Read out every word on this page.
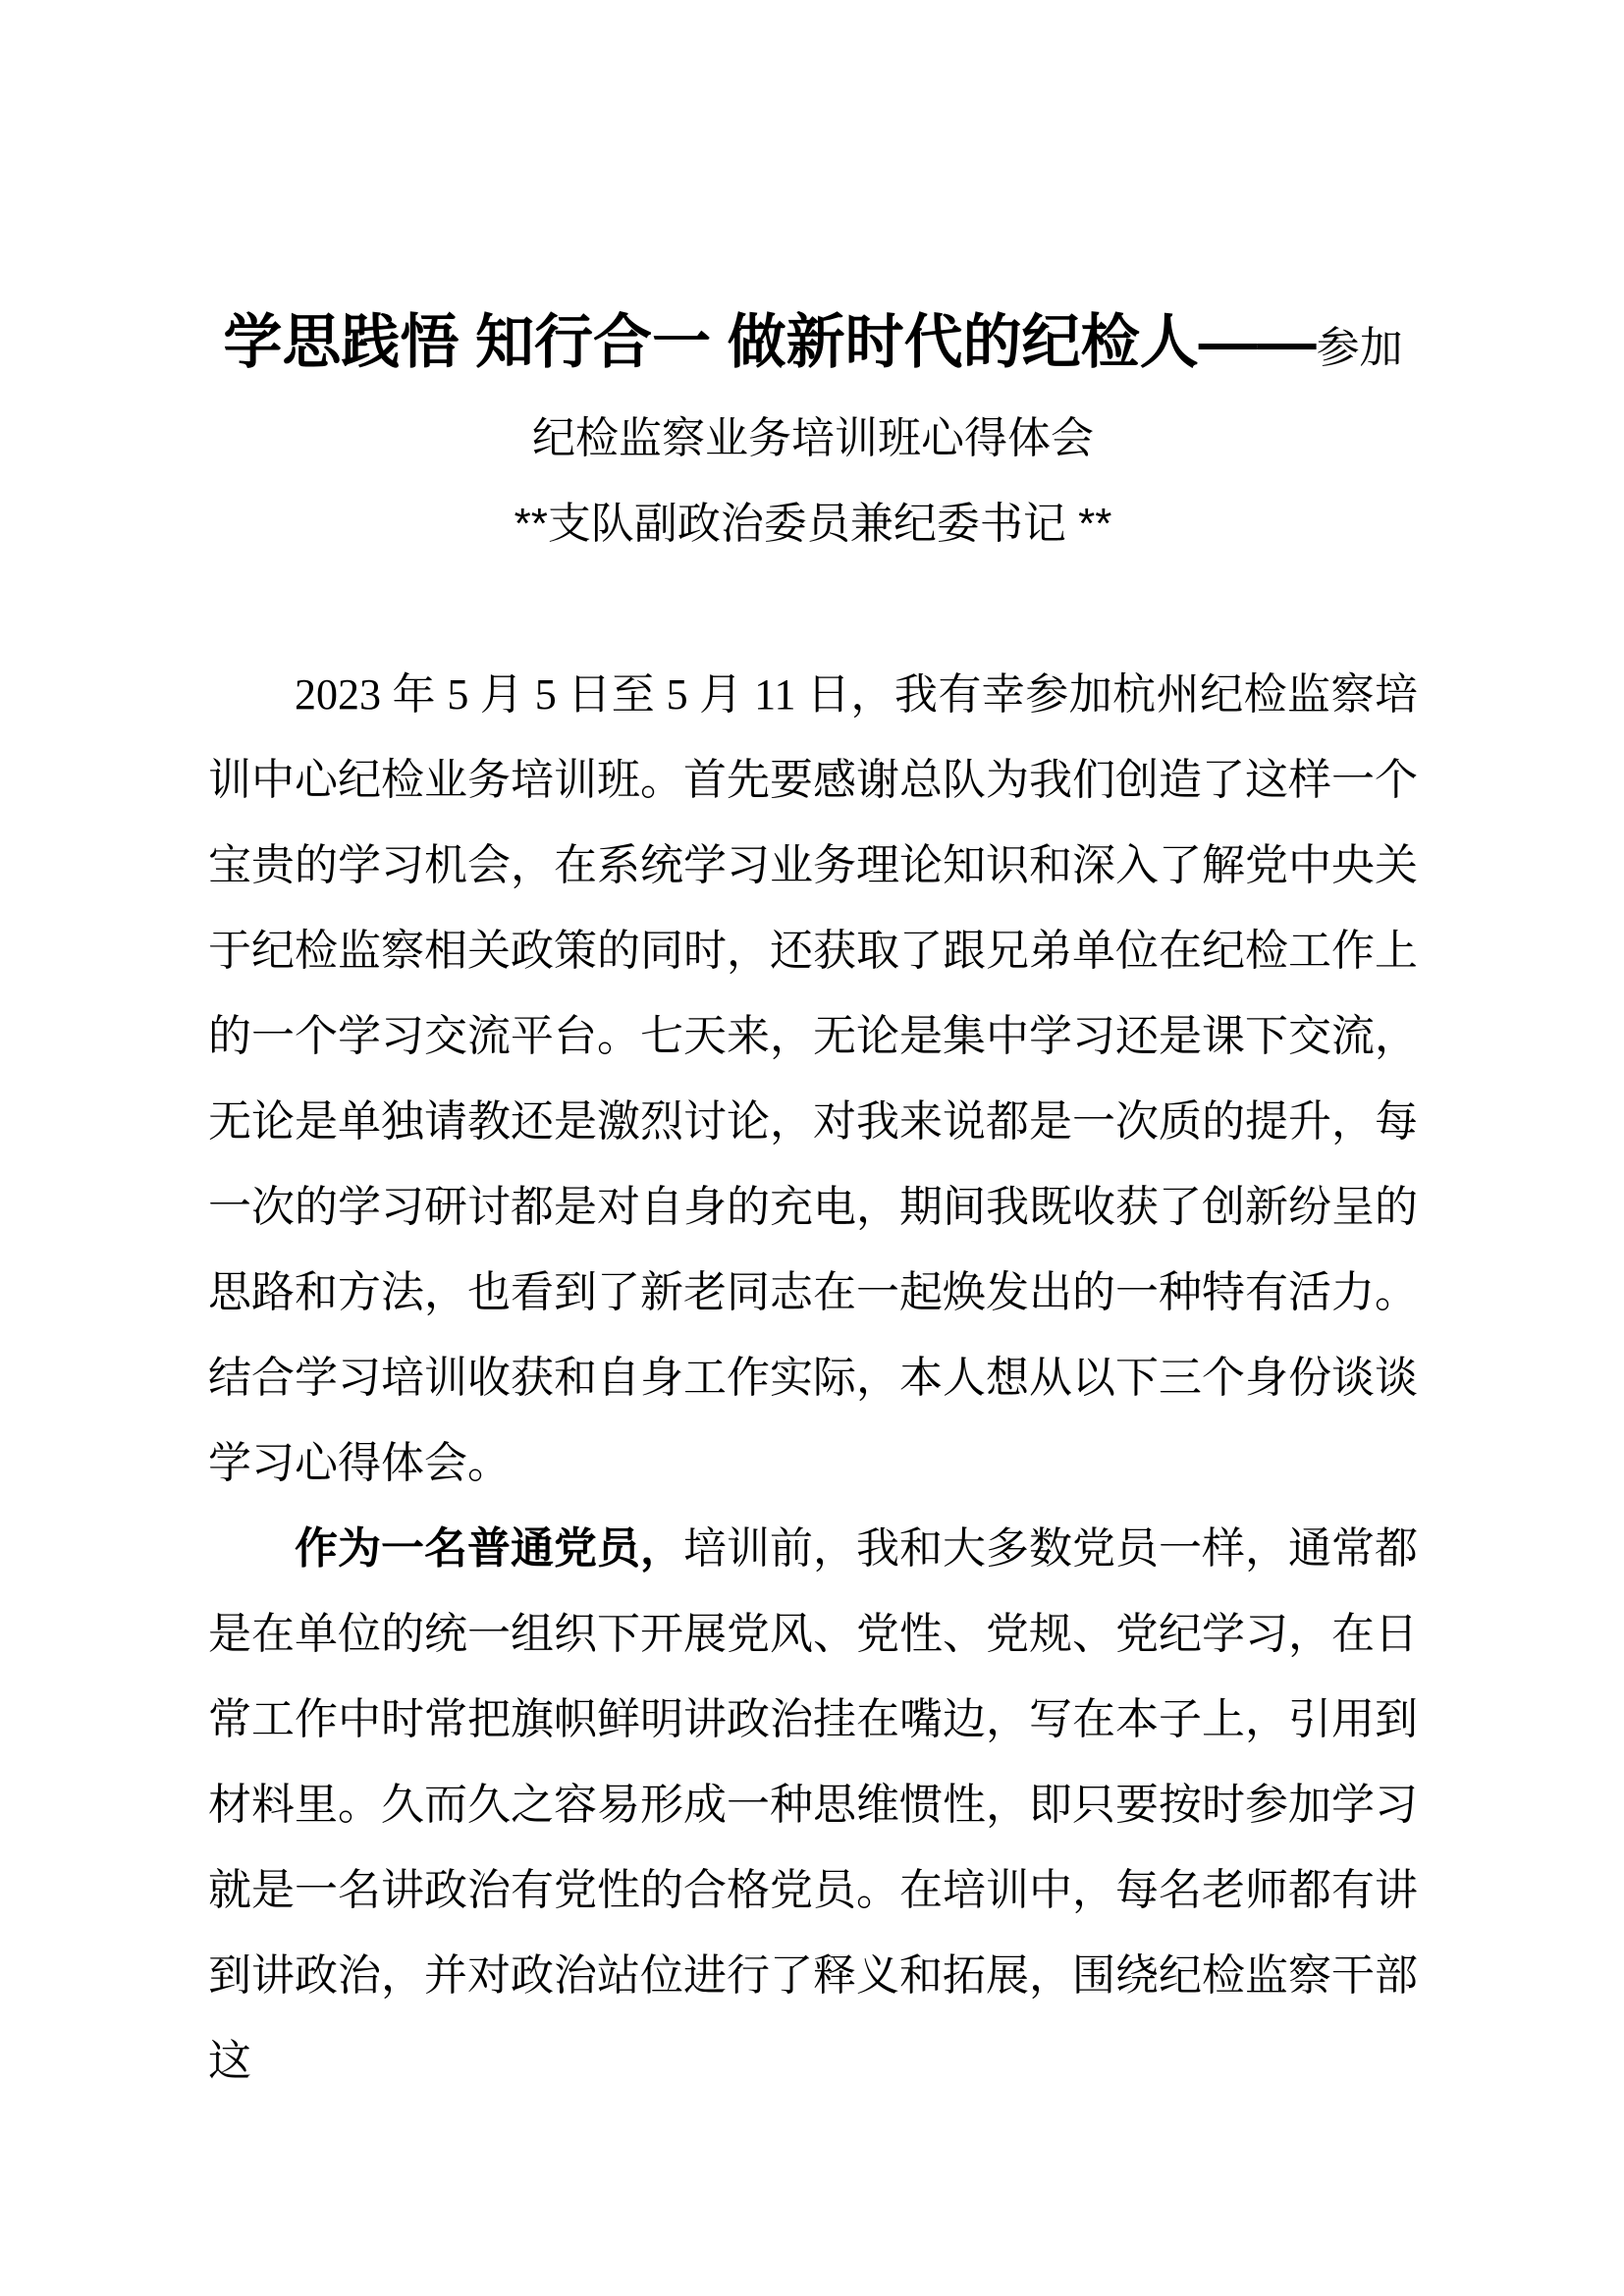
学思践悟 知行合一 做新时代的纪检人——参加
纪检监察业务培训班心得体会
**支队副政治委员兼纪委书记 **

2023 年 5 月 5 日至 5 月 11 日，我有幸参加杭州纪检监察培训中心纪检业务培训班。首先要感谢总队为我们创造了这样一个宝贵的学习机会，在系统学习业务理论知识和深入了解党中央关于纪检监察相关政策的同时，还获取了跟兄弟单位在纪检工作上的一个学习交流平台。七天来，无论是集中学习还是课下交流，无论是单独请教还是激烈讨论，对我来说都是一次质的提升，每一次的学习研讨都是对自身的充电，期间我既收获了创新纷呈的思路和方法，也看到了新老同志在一起焕发出的一种特有活力。结合学习培训收获和自身工作实际，本人想从以下三个身份谈谈学习心得体会。

作为一名普通党员，培训前，我和大多数党员一样，通常都是在单位的统一组织下开展党风、党性、党规、党纪学习，在日常工作中时常把旗帜鲜明讲政治挂在嘴边，写在本子上，引用到材料里。久而久之容易形成一种思维惯性，即只要按时参加学习就是一名讲政治有党性的合格党员。在培训中，每名老师都有讲到讲政治，并对政治站位进行了释义和拓展，围绕纪检监察干部这
